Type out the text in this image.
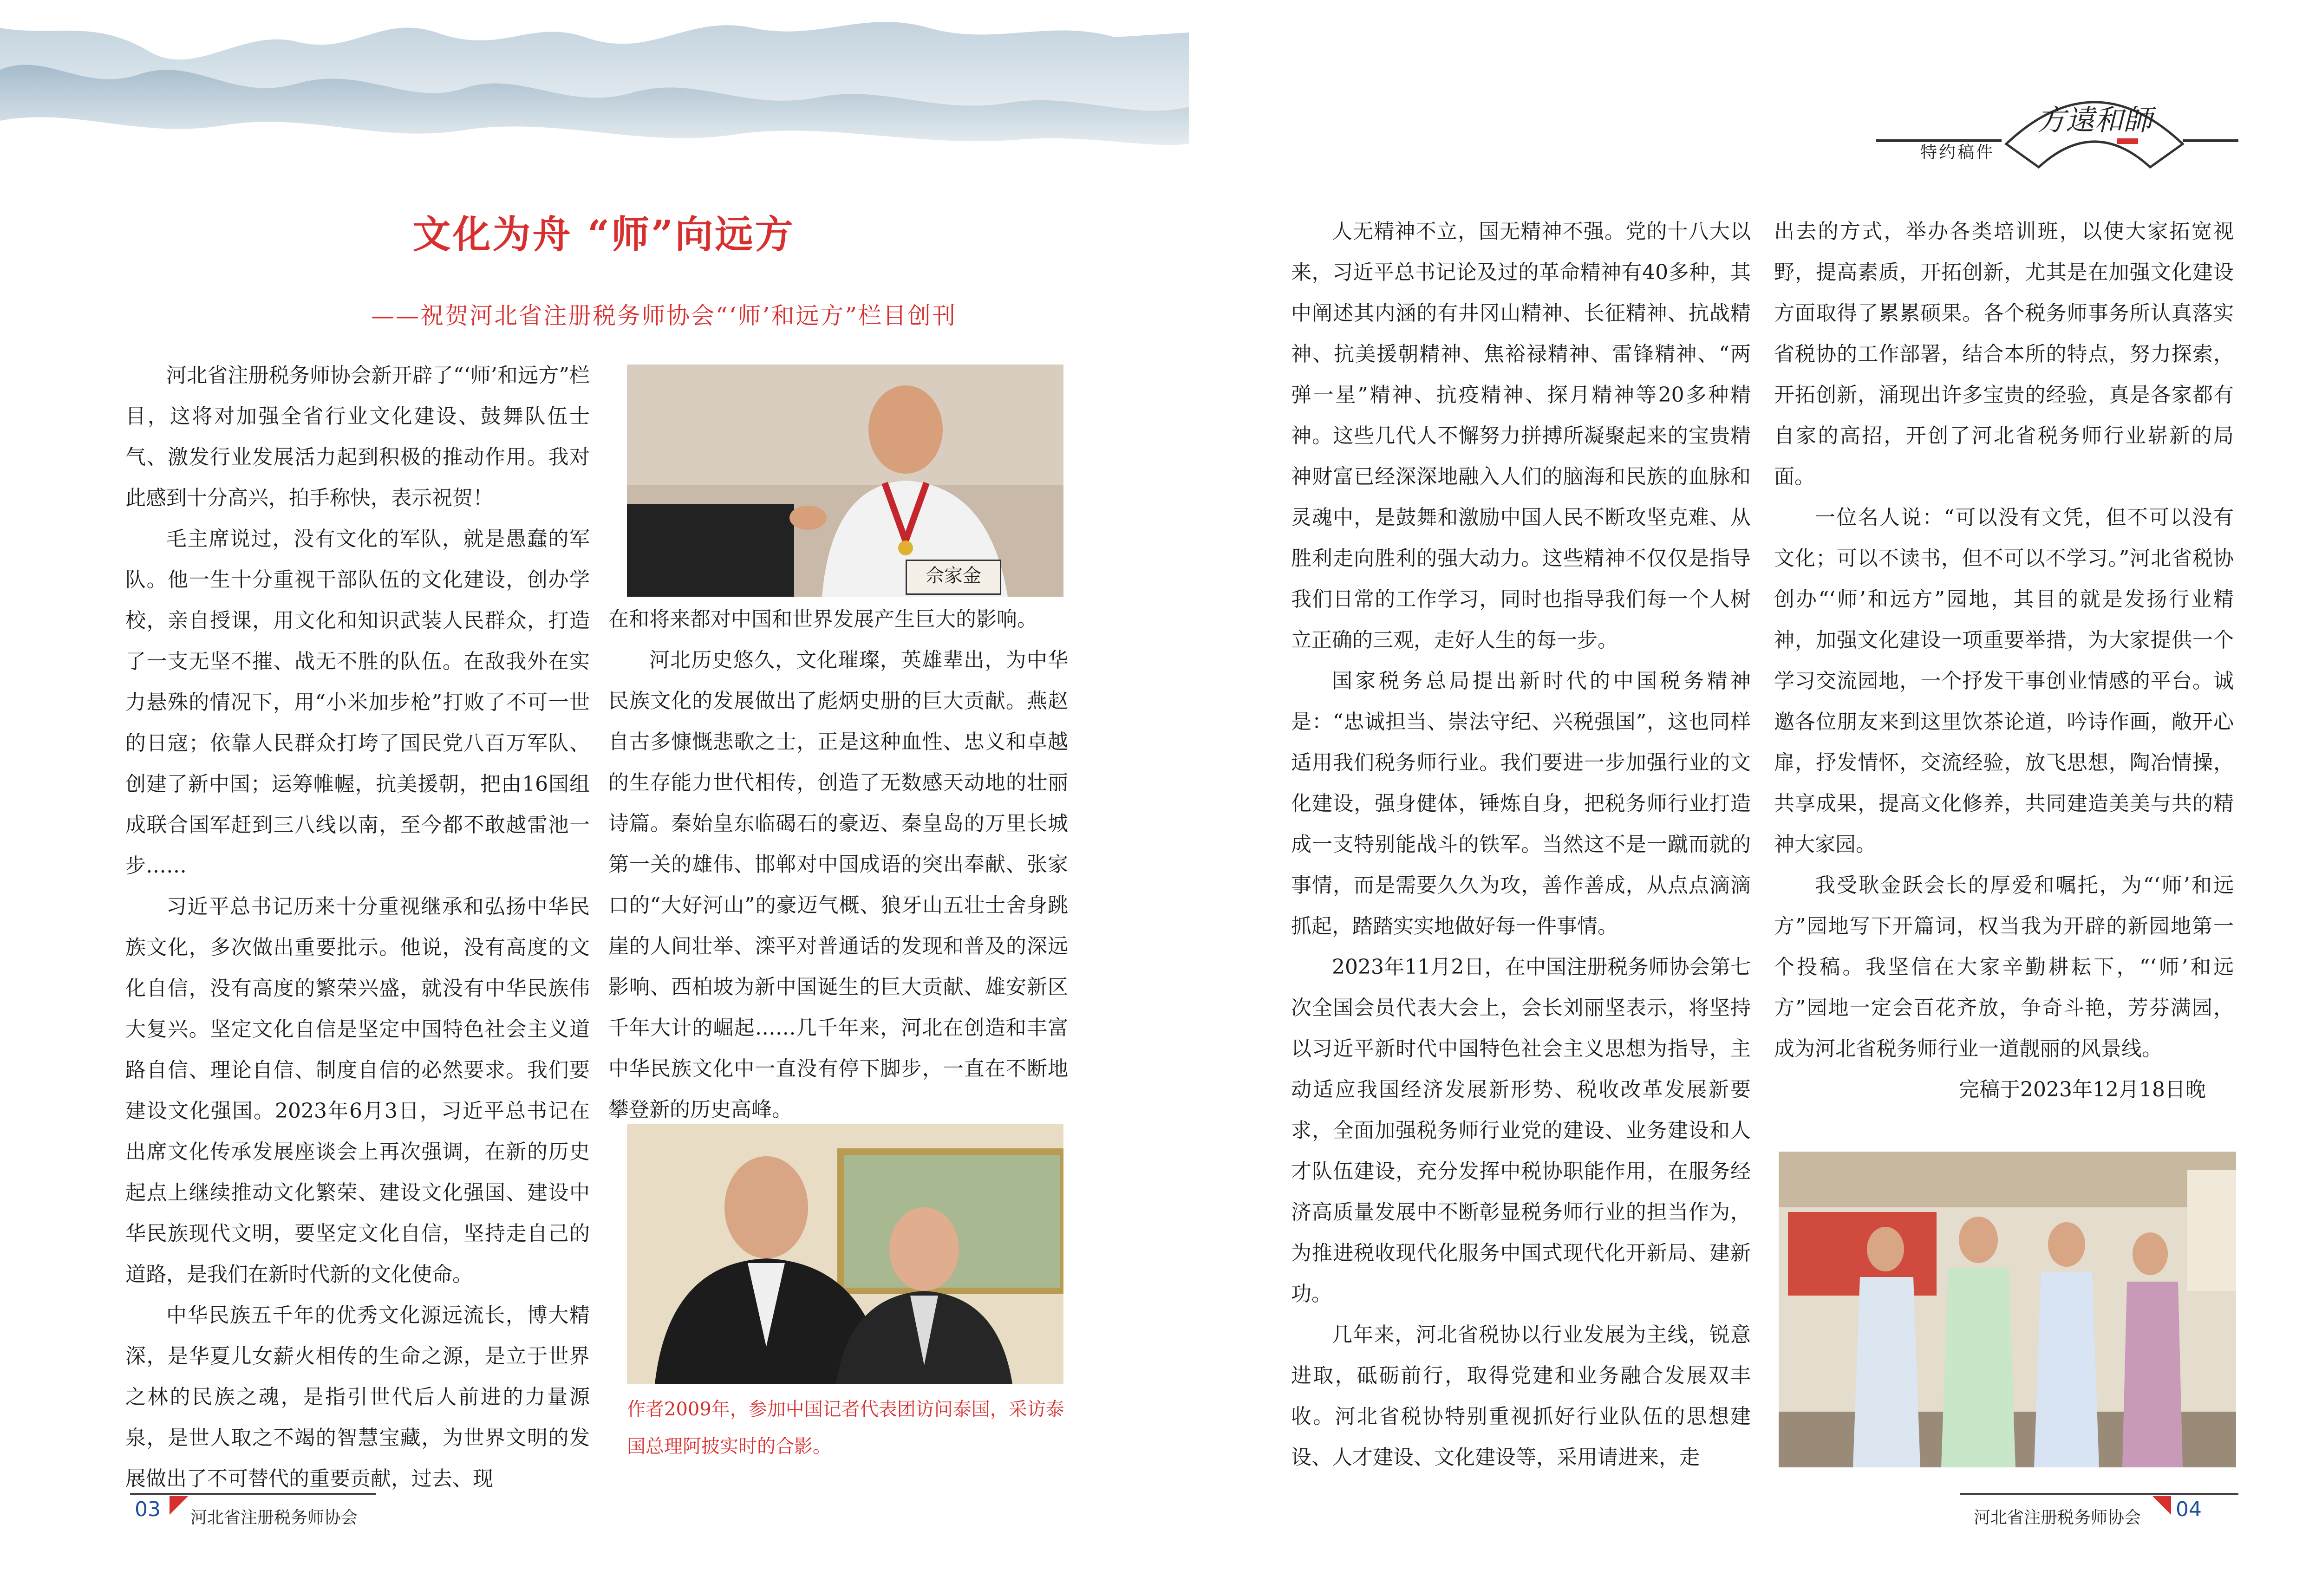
特约稿件
方遠和師
文化为舟 “师”向远方
——祝贺河北省注册税务师协会“‘师’和远方”栏目创刊

河北省注册税务师协会新开辟了“‘师’和远方”栏目，这将对加强全省行业文化建设、鼓舞队伍士气、激发行业发展活力起到积极的推动作用。我对此感到十分高兴，拍手称快，表示祝贺！

毛主席说过，没有文化的军队，就是愚蠢的军队。他一生十分重视干部队伍的文化建设，创办学校，亲自授课，用文化和知识武装人民群众，打造了一支无坚不摧、战无不胜的队伍。在敌我外在实力悬殊的情况下，用“小米加步枪”打败了不可一世的日寇；依靠人民群众打垮了国民党八百万军队、创建了新中国；运筹帷幄，抗美援朝，把由16国组成联合国军赶到三八线以南，至今都不敢越雷池一步……

习近平总书记历来十分重视继承和弘扬中华民族文化，多次做出重要批示。他说，没有高度的文化自信，没有高度的繁荣兴盛，就没有中华民族伟大复兴。坚定文化自信是坚定中国特色社会主义道路自信、理论自信、制度自信的必然要求。我们要建设文化强国。2023年6月3日，习近平总书记在出席文化传承发展座谈会上再次强调，在新的历史起点上继续推动文化繁荣、建设文化强国、建设中华民族现代文明，要坚定文化自信，坚持走自己的道路，是我们在新时代新的文化使命。

中华民族五千年的优秀文化源远流长，博大精深，是华夏儿女薪火相传的生命之源，是立于世界之林的民族之魂，是指引世代后人前进的力量源泉，是世人取之不竭的智慧宝藏，为世界文明的发展做出了不可替代的重要贡献，过去、现

佘家金

在和将来都对中国和世界发展产生巨大的影响。

河北历史悠久，文化璀璨，英雄辈出，为中华民族文化的发展做出了彪炳史册的巨大贡献。燕赵自古多慷慨悲歌之士，正是这种血性、忠义和卓越的生存能力世代相传，创造了无数感天动地的壮丽诗篇。秦始皇东临碣石的豪迈、秦皇岛的万里长城第一关的雄伟、邯郸对中国成语的突出奉献、张家口的“大好河山”的豪迈气概、狼牙山五壮士舍身跳崖的人间壮举、滦平对普通话的发现和普及的深远影响、西柏坡为新中国诞生的巨大贡献、雄安新区千年大计的崛起……几千年来，河北在创造和丰富中华民族文化中一直没有停下脚步，一直在不断地攀登新的历史高峰。

作者2009年，参加中国记者代表团访问泰国，采访泰国总理阿披实时的合影。

人无精神不立，国无精神不强。党的十八大以来，习近平总书记论及过的革命精神有40多种，其中阐述其内涵的有井冈山精神、长征精神、抗战精神、抗美援朝精神、焦裕禄精神、雷锋精神、“两弹一星”精神、抗疫精神、探月精神等20多种精神。这些几代人不懈努力拼搏所凝聚起来的宝贵精神财富已经深深地融入人们的脑海和民族的血脉和灵魂中，是鼓舞和激励中国人民不断攻坚克难、从胜利走向胜利的强大动力。这些精神不仅仅是指导我们日常的工作学习，同时也指导我们每一个人树立正确的三观，走好人生的每一步。

国家税务总局提出新时代的中国税务精神是：“忠诚担当、崇法守纪、兴税强国”，这也同样适用我们税务师行业。我们要进一步加强行业的文化建设，强身健体，锤炼自身，把税务师行业打造成一支特别能战斗的铁军。当然这不是一蹴而就的事情，而是需要久久为攻，善作善成，从点点滴滴抓起，踏踏实实地做好每一件事情。

2023年11月2日，在中国注册税务师协会第七次全国会员代表大会上，会长刘丽坚表示，将坚持以习近平新时代中国特色社会主义思想为指导，主动适应我国经济发展新形势、税收改革发展新要求，全面加强税务师行业党的建设、业务建设和人才队伍建设，充分发挥中税协职能作用，在服务经济高质量发展中不断彰显税务师行业的担当作为，为推进税收现代化服务中国式现代化开新局、建新功。

几年来，河北省税协以行业发展为主线，锐意进取，砥砺前行，取得党建和业务融合发展双丰收。河北省税协特别重视抓好行业队伍的思想建设、人才建设、文化建设等，采用请进来，走

出去的方式，举办各类培训班，以使大家拓宽视野，提高素质，开拓创新，尤其是在加强文化建设方面取得了累累硕果。各个税务师事务所认真落实省税协的工作部署，结合本所的特点，努力探索，开拓创新，涌现出许多宝贵的经验，真是各家都有自家的高招，开创了河北省税务师行业崭新的局面。

一位名人说：“可以没有文凭，但不可以没有文化；可以不读书，但不可以不学习。”河北省税协创办“‘师’和远方”园地，其目的就是发扬行业精神，加强文化建设一项重要举措，为大家提供一个学习交流园地，一个抒发干事创业情感的平台。诚邀各位朋友来到这里饮茶论道，吟诗作画，敞开心扉，抒发情怀，交流经验，放飞思想，陶冶情操，共享成果，提高文化修养，共同建造美美与共的精神大家园。

我受耿金跃会长的厚爱和嘱托，为“‘师’和远方”园地写下开篇词，权当我为开辟的新园地第一个投稿。我坚信在大家辛勤耕耘下，“‘师’和远方”园地一定会百花齐放，争奇斗艳，芳芬满园，成为河北省税务师行业一道靓丽的风景线。

完稿于2023年12月18日晚

03 河北省注册税务师协会	河北省注册税务师协会 04
